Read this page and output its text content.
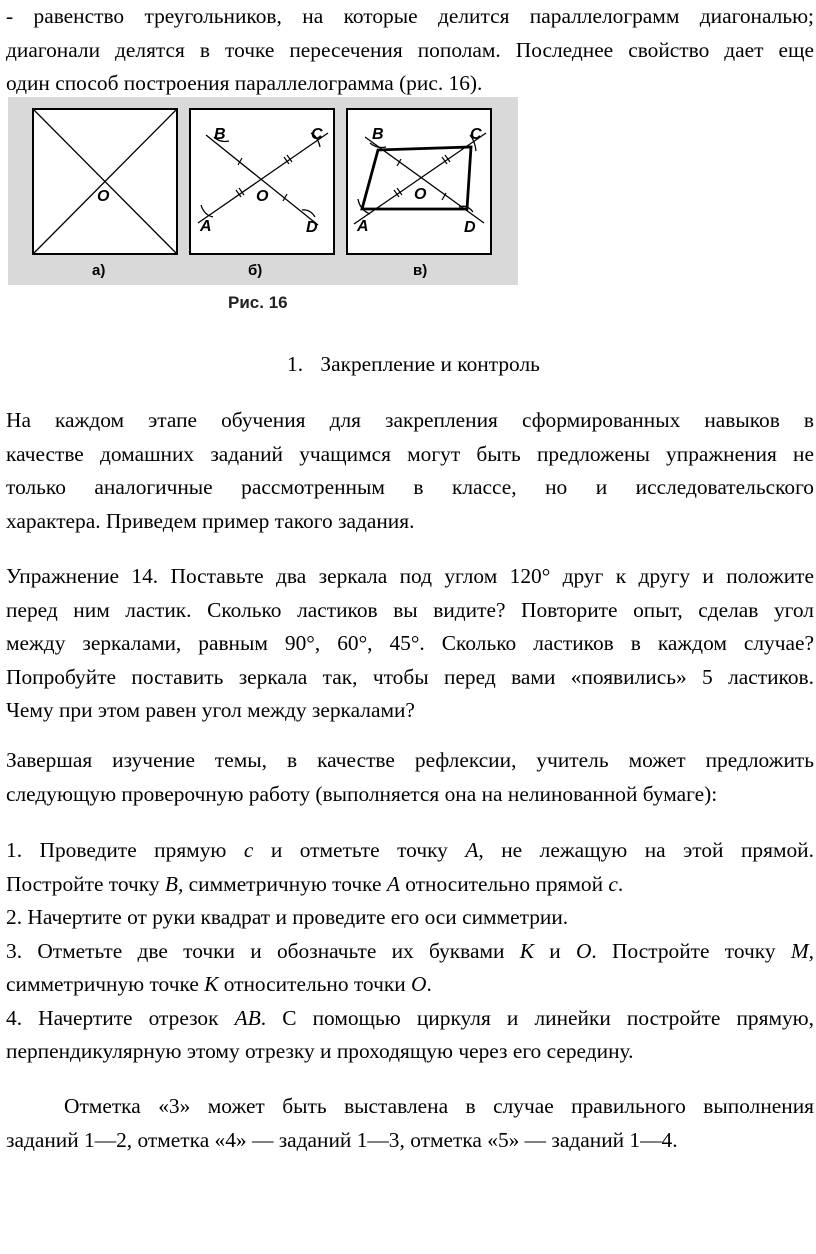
- равенство треугольников, на которые делится параллелограмм диагональю;
диагонали делятся в точке пересечения пополам. Последнее свойство дает еще
один способ построения параллелограмма (рис. 16).
O
а)
B	C
O
A	D
б)
B	C
O
A	D
в)
Рис. 16
1. Закрепление и контроль
На каждом этапе обучения для закрепления сформированных навыков в
качестве домашних заданий учащимся могут быть предложены упражнения не
только аналогичные рассмотренным в классе, но и исследовательского
характера. Приведем пример такого задания.
Упражнение 14. Поставьте два зеркала под углом 120° друг к другу и положите
перед ним ластик. Сколько ластиков вы видите? Повторите опыт, сделав угол
между зеркалами, равным 90°, 60°, 45°. Сколько ластиков в каждом случае?
Попробуйте поставить зеркала так, чтобы перед вами «появились» 5 ластиков.
Чему при этом равен угол между зеркалами?
Завершая изучение темы, в качестве рефлексии, учитель может предложить
следующую проверочную работу (выполняется она на нелинованной бумаге):
1. Проведите прямую c и отметьте точку A, не лежащую на этой прямой.
Постройте точку B, симметричную точке A относительно прямой c.
2. Начертите от руки квадрат и проведите его оси симметрии.
3. Отметьте две точки и обозначьте их буквами К и О. Постройте точку М,
симметричную точке К относительно точки О.
4. Начертите отрезок АВ. С помощью циркуля и линейки постройте прямую,
перпендикулярную этому отрезку и проходящую через его середину.
Отметка «3» может быть выставлена в случае правильного выполнения
заданий 1—2, отметка «4» — заданий 1—3, отметка «5» — заданий 1—4.
